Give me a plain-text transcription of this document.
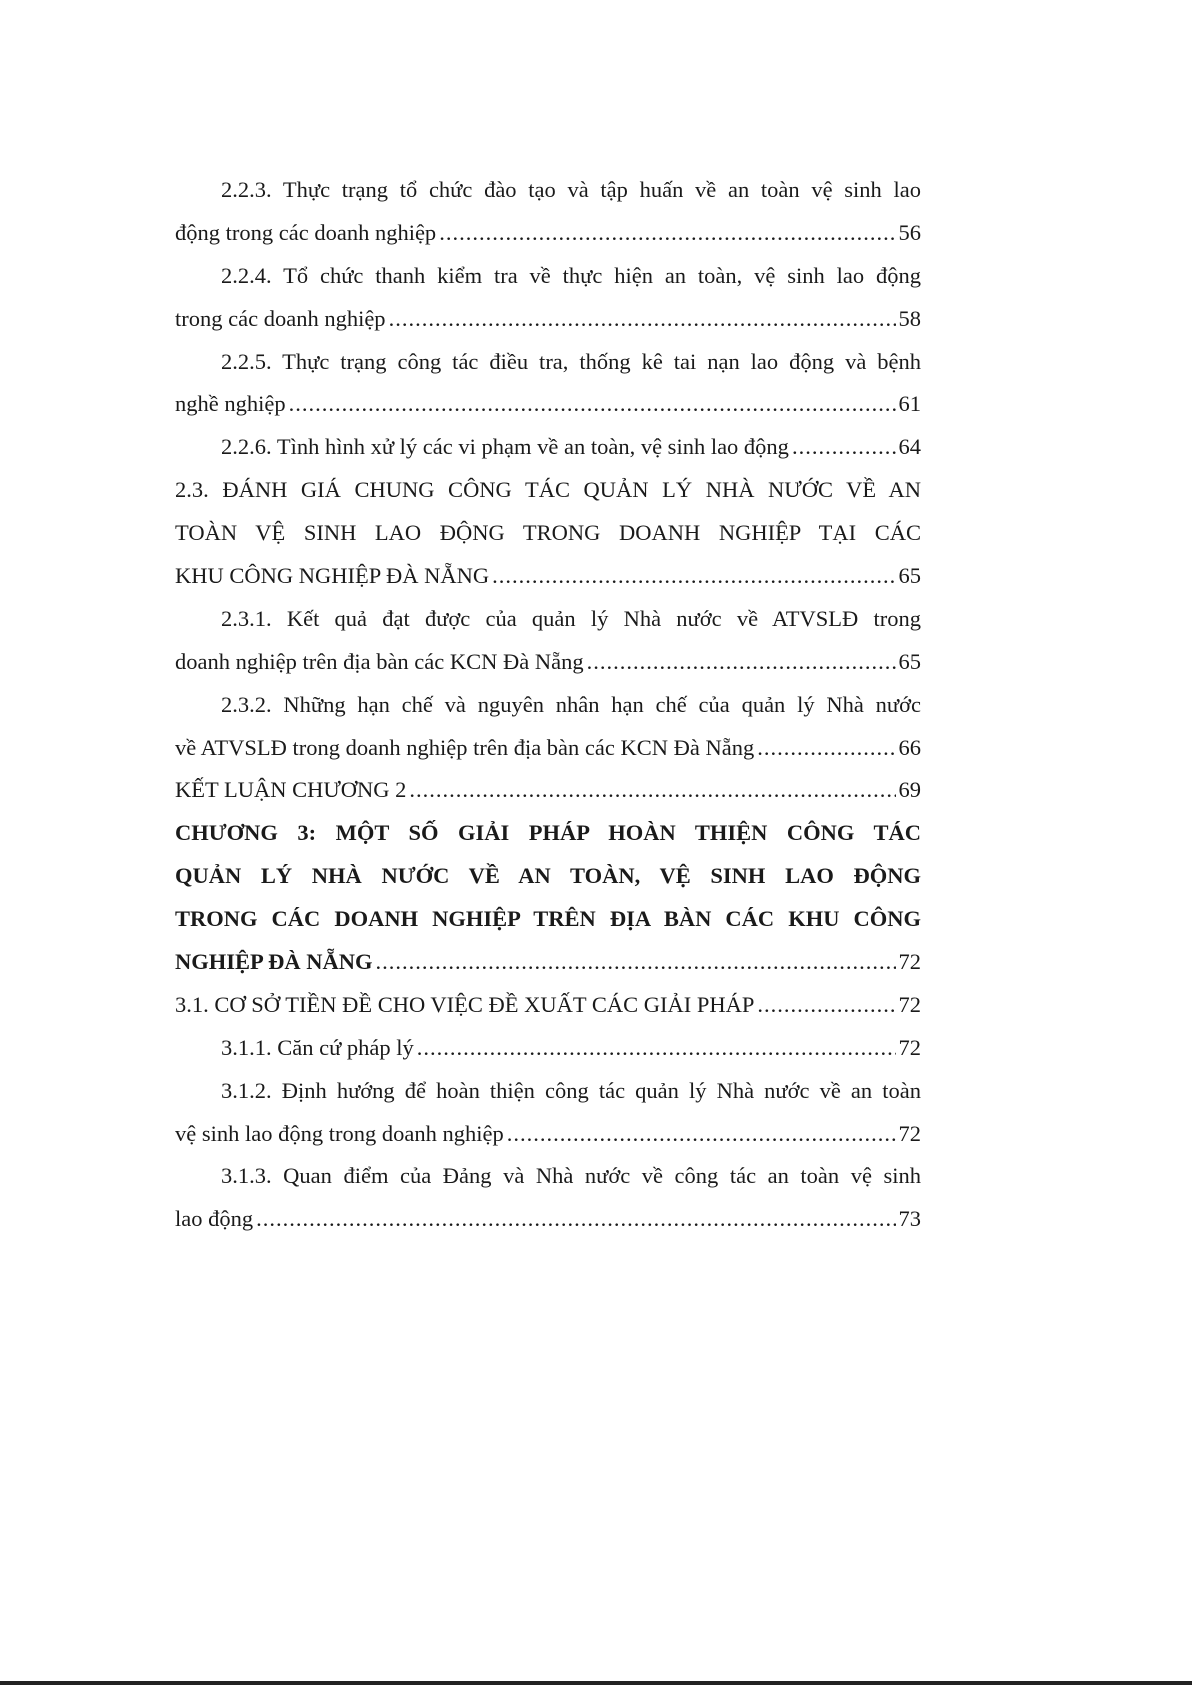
2.2.3. Thực trạng tổ chức đào tạo và tập huấn về an toàn vệ sinh lao
động trong các doanh nghiệp .....	56
2.2.4. Tổ chức thanh kiểm tra về thực hiện an toàn, vệ sinh lao động
trong các doanh nghiệp .....	58
2.2.5. Thực trạng công tác điều tra, thống kê tai nạn lao động và bệnh
nghề nghiệp .....	61
2.2.6. Tình hình xử lý các vi phạm về an toàn, vệ sinh lao động .....	64
2.3. ĐÁNH GIÁ CHUNG CÔNG TÁC QUẢN LÝ NHÀ NƯỚC VỀ AN
TOÀN VỆ SINH LAO ĐỘNG TRONG DOANH NGHIỆP TẠI CÁC
KHU CÔNG NGHIỆP ĐÀ NẴNG .....	65
2.3.1. Kết quả đạt được của quản lý Nhà nước về ATVSLĐ trong
doanh nghiệp trên địa bàn các KCN Đà Nẵng .....	65
2.3.2. Những hạn chế và nguyên nhân hạn chế của quản lý Nhà nước
về ATVSLĐ trong doanh nghiệp trên địa bàn các KCN Đà Nẵng .....	66
KẾT LUẬN CHƯƠNG 2 .....	69
CHƯƠNG 3: MỘT SỐ GIẢI PHÁP HOÀN THIỆN CÔNG TÁC
QUẢN LÝ NHÀ NƯỚC VỀ AN TOÀN, VỆ SINH LAO ĐỘNG
TRONG CÁC DOANH NGHIỆP TRÊN ĐỊA BÀN CÁC KHU CÔNG
NGHIỆP ĐÀ NẴNG .....	72
3.1. CƠ SỞ TIỀN ĐỀ CHO VIỆC ĐỀ XUẤT CÁC GIẢI PHÁP .....	72
3.1.1. Căn cứ pháp lý .....	72
3.1.2. Định hướng để hoàn thiện công tác quản lý Nhà nước về an toàn
vệ sinh lao động trong doanh nghiệp .....	72
3.1.3. Quan điểm của Đảng và Nhà nước về công tác an toàn vệ sinh
lao động .....	73
